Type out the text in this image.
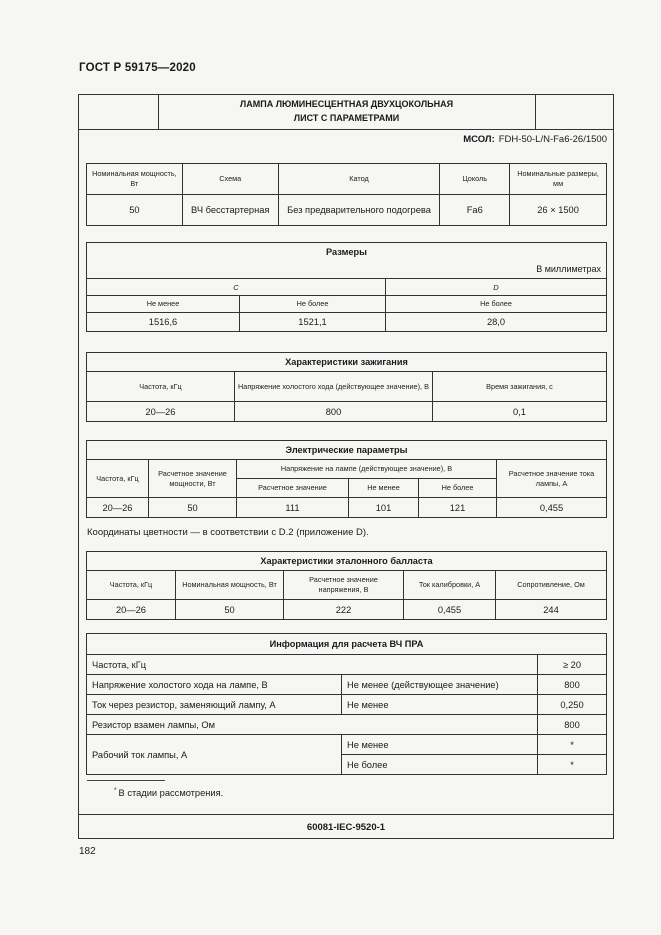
ГОСТ Р 59175—2020
ЛАМПА ЛЮМИНЕСЦЕНТНАЯ ДВУХЦОКОЛЬНАЯ
ЛИСТ С ПАРАМЕТРАМИ
МСОЛ: FDH-50-L/N-Fa6-26/1500
Номинальная мощность, Вт	Схема	Катод	Цоколь	Номинальные размеры, мм
50	ВЧ бесстартерная	Без предварительного подогрева	Fa6	26 × 1500
Размеры		
В миллиметрах		
C		D
Не менее	Не более	Не более
1516,6	1521,1	28,0
Характеристики зажигания		
Частота, кГц	Напряжение холостого хода (действующее значение), В	Время зажигания, с
20—26	800	0,1
Электрические параметры					
Частота, кГц	Расчетное значение мощности, Вт	Напряжение на лампе (действующее значение), В			Расчетное значение тока лампы, А
		Расчетное значение	Не менее	Не более	
20—26	50	111	101	121	0,455
Координаты цветности — в соответствии с D.2 (приложение D).
Характеристики эталонного балласта				
Частота, кГц	Номинальная мощность, Вт	Расчетное значение напряжения, В	Ток калибровки, А	Сопротивление, Ом
20—26	50	222	0,455	244
Информация для расчета ВЧ ПРА		
Частота, кГц		≥ 20
Напряжение холостого хода на лампе, В	Не менее (действующее значение)	800
Ток через резистор, заменяющий лампу, А	Не менее	0,250
Резистор взамен лампы, Ом		800
Рабочий ток лампы, А	Не менее	*
	Не более	*
* В стадии рассмотрения.
60081-IEC-9520-1
182
